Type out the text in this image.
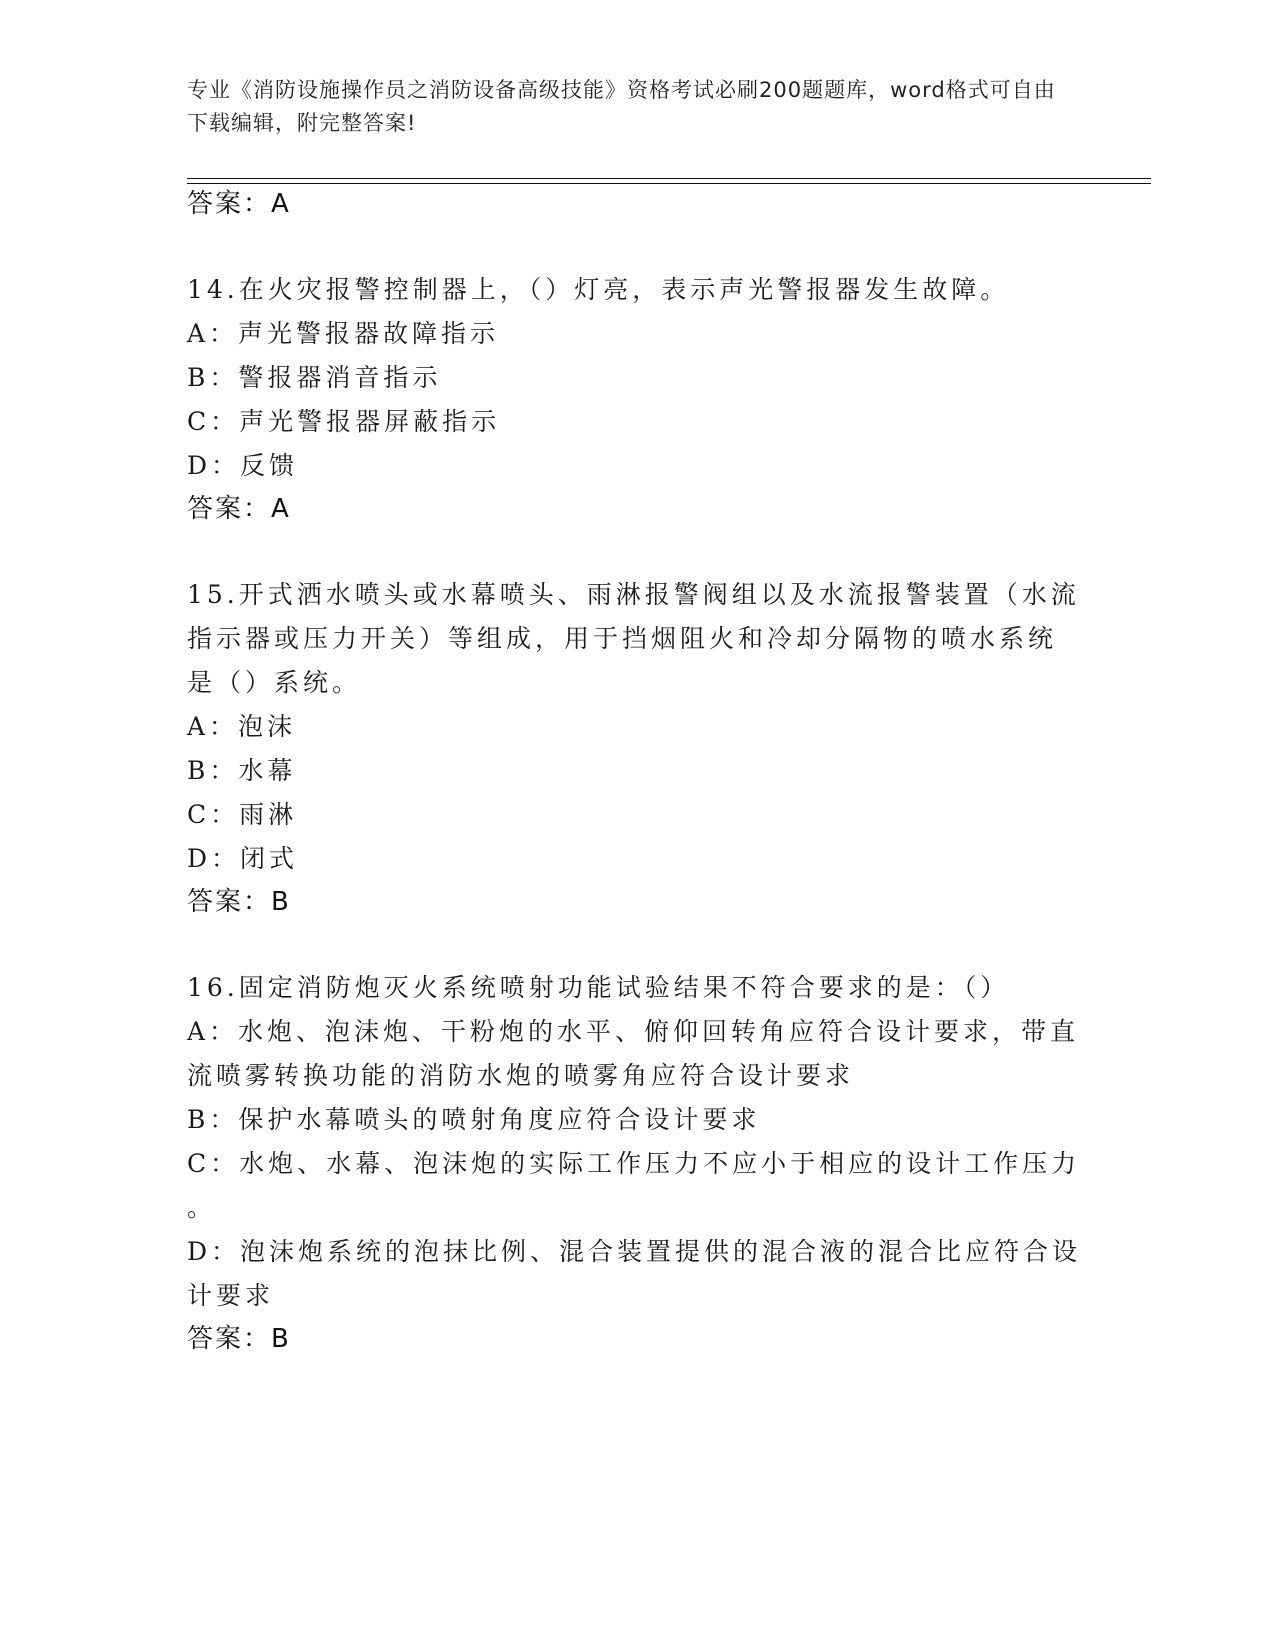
专业《消防设施操作员之消防设备高级技能》资格考试必刷200题题库，word格式可自由下载编辑，附完整答案!
答案：A
14.在火灾报警控制器上，（）灯亮，表示声光警报器发生故障。
A：声光警报器故障指示
B：警报器消音指示
C：声光警报器屏蔽指示
D：反馈
答案：A
15.开式洒水喷头或水幕喷头、雨淋报警阀组以及水流报警装置（水流
指示器或压力开关）等组成，用于挡烟阻火和冷却分隔物的喷水系统
是（）系统。
A：泡沫
B：水幕
C：雨淋
D：闭式
答案：B
16.固定消防炮灭火系统喷射功能试验结果不符合要求的是：（）
A：水炮、泡沫炮、干粉炮的水平、俯仰回转角应符合设计要求，带直
流喷雾转换功能的消防水炮的喷雾角应符合设计要求
B：保护水幕喷头的喷射角度应符合设计要求
C：水炮、水幕、泡沫炮的实际工作压力不应小于相应的设计工作压力
。
D：泡沫炮系统的泡抹比例、混合装置提供的混合液的混合比应符合设
计要求
答案：B
